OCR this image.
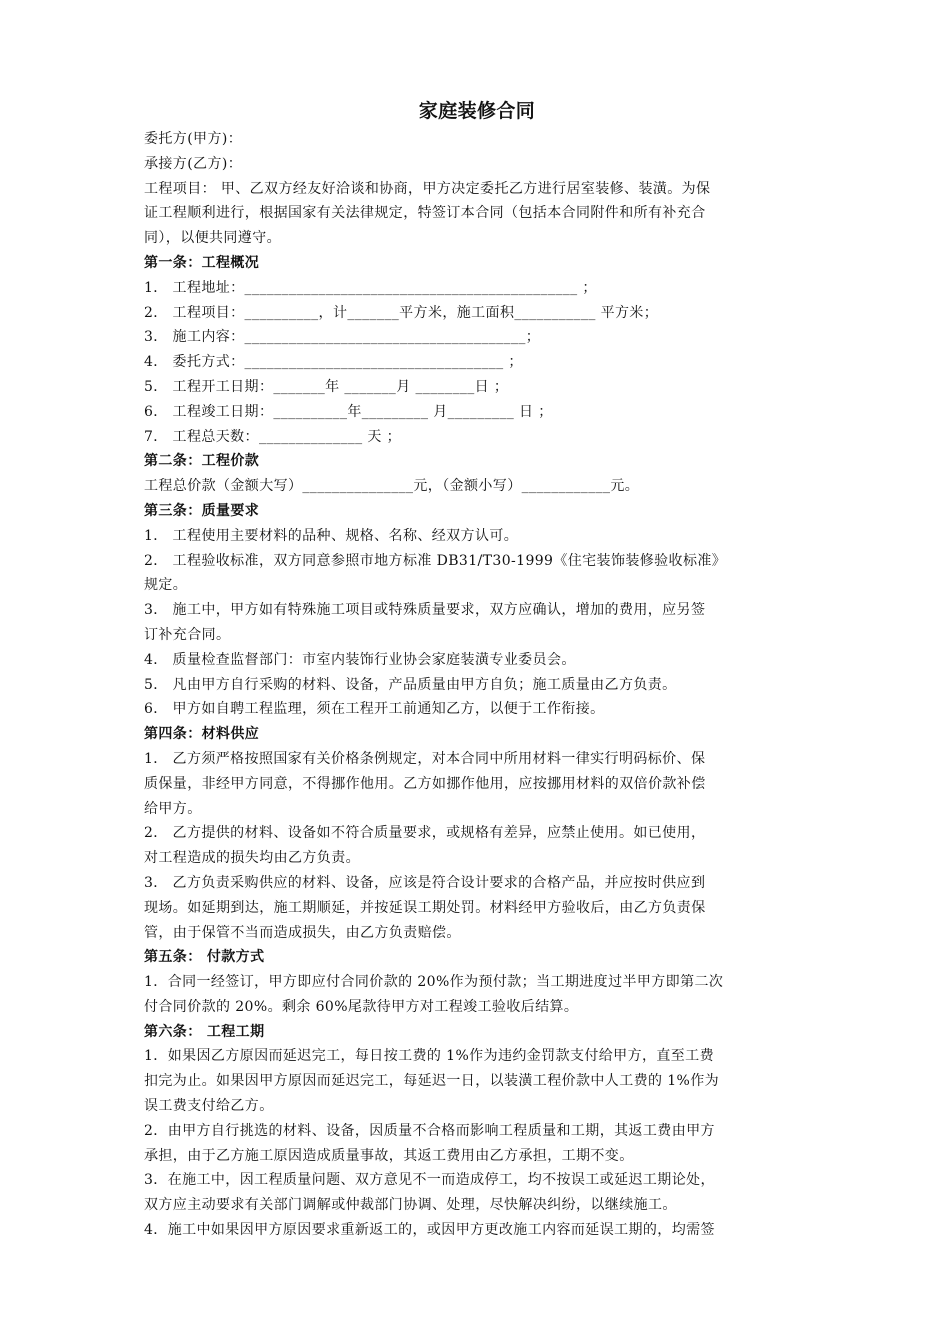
家庭装修合同
委托方(甲方)：
承接方(乙方)：
工程项目： 甲、乙双方经友好洽谈和协商，甲方决定委托乙方进行居室装修、装潢。为保
证工程顺利进行，根据国家有关法律规定，特签订本合同（包括本合同附件和所有补充合
同），以便共同遵守。
第一条：工程概况
1． 工程地址：_____________________________________________ ；
2． 工程项目：__________，计_______平方米，施工面积___________ 平方米；
3． 施工内容：______________________________________；
4． 委托方式：___________________________________ ；
5． 工程开工日期：_______年 _______月 ________日 ；
6． 工程竣工日期：__________年_________ 月_________ 日 ；
7． 工程总天数：______________ 天 ；
第二条：工程价款
工程总价款（金额大写）_______________元，（金额小写）____________元。
第三条：质量要求
1． 工程使用主要材料的品种、规格、名称、经双方认可。
2． 工程验收标准，双方同意参照市地方标准 DB31/T30-1999《住宅装饰装修验收标准》
规定。
3． 施工中，甲方如有特殊施工项目或特殊质量要求，双方应确认，增加的费用，应另签
订补充合同。
4． 质量检查监督部门：市室内装饰行业协会家庭装潢专业委员会。
5． 凡由甲方自行采购的材料、设备，产品质量由甲方自负；施工质量由乙方负责。
6． 甲方如自聘工程监理，须在工程开工前通知乙方，以便于工作衔接。
第四条：材料供应
1． 乙方须严格按照国家有关价格条例规定，对本合同中所用材料一律实行明码标价、保
质保量，非经甲方同意，不得挪作他用。乙方如挪作他用，应按挪用材料的双倍价款补偿
给甲方。
2． 乙方提供的材料、设备如不符合质量要求，或规格有差异，应禁止使用。如已使用，
对工程造成的损失均由乙方负责。
3． 乙方负责采购供应的材料、设备，应该是符合设计要求的合格产品，并应按时供应到
现场。如延期到达，施工期顺延，并按延误工期处罚。材料经甲方验收后，由乙方负责保
管，由于保管不当而造成损失，由乙方负责赔偿。
第五条： 付款方式
1．合同一经签订，甲方即应付合同价款的 20%作为预付款；当工期进度过半甲方即第二次
付合同价款的 20%。剩余 60%尾款待甲方对工程竣工验收后结算。
第六条： 工程工期
1．如果因乙方原因而延迟完工，每日按工费的 1%作为违约金罚款支付给甲方，直至工费
扣完为止。如果因甲方原因而延迟完工，每延迟一日，以装潢工程价款中人工费的 1%作为
误工费支付给乙方。
2．由甲方自行挑选的材料、设备，因质量不合格而影响工程质量和工期，其返工费由甲方
承担，由于乙方施工原因造成质量事故，其返工费用由乙方承担，工期不变。
3．在施工中，因工程质量问题、双方意见不一而造成停工，均不按误工或延迟工期论处，
双方应主动要求有关部门调解或仲裁部门协调、处理，尽快解决纠纷，以继续施工。
4．施工中如果因甲方原因要求重新返工的，或因甲方更改施工内容而延误工期的，均需签
